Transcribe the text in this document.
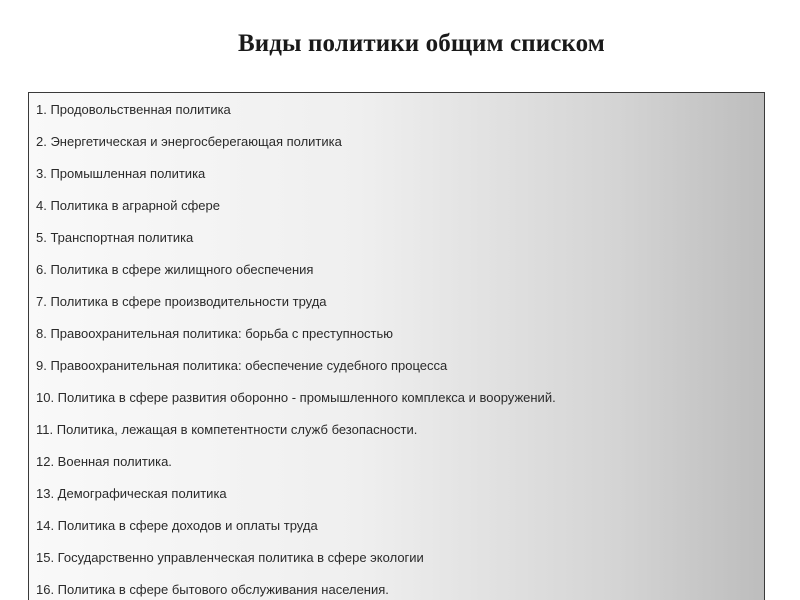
Виды политики общим списком
1. Продовольственная политика
2. Энергетическая и энергосберегающая политика
3. Промышленная политика
4. Политика в аграрной сфере
5. Транспортная политика
6. Политика в сфере жилищного обеспечения
7. Политика в сфере производительности труда
8. Правоохранительная политика: борьба с преступностью
9. Правоохранительная политика: обеспечение судебного процесса
10. Политика в сфере развития оборонно - промышленного комплекса и вооружений.
11. Политика, лежащая в компетентности служб безопасности.
12. Военная политика.
13. Демографическая политика
14. Политика в сфере доходов и оплаты труда
15. Государственно управленческая политика в сфере экологии
16. Политика в сфере бытового обслуживания населения.
